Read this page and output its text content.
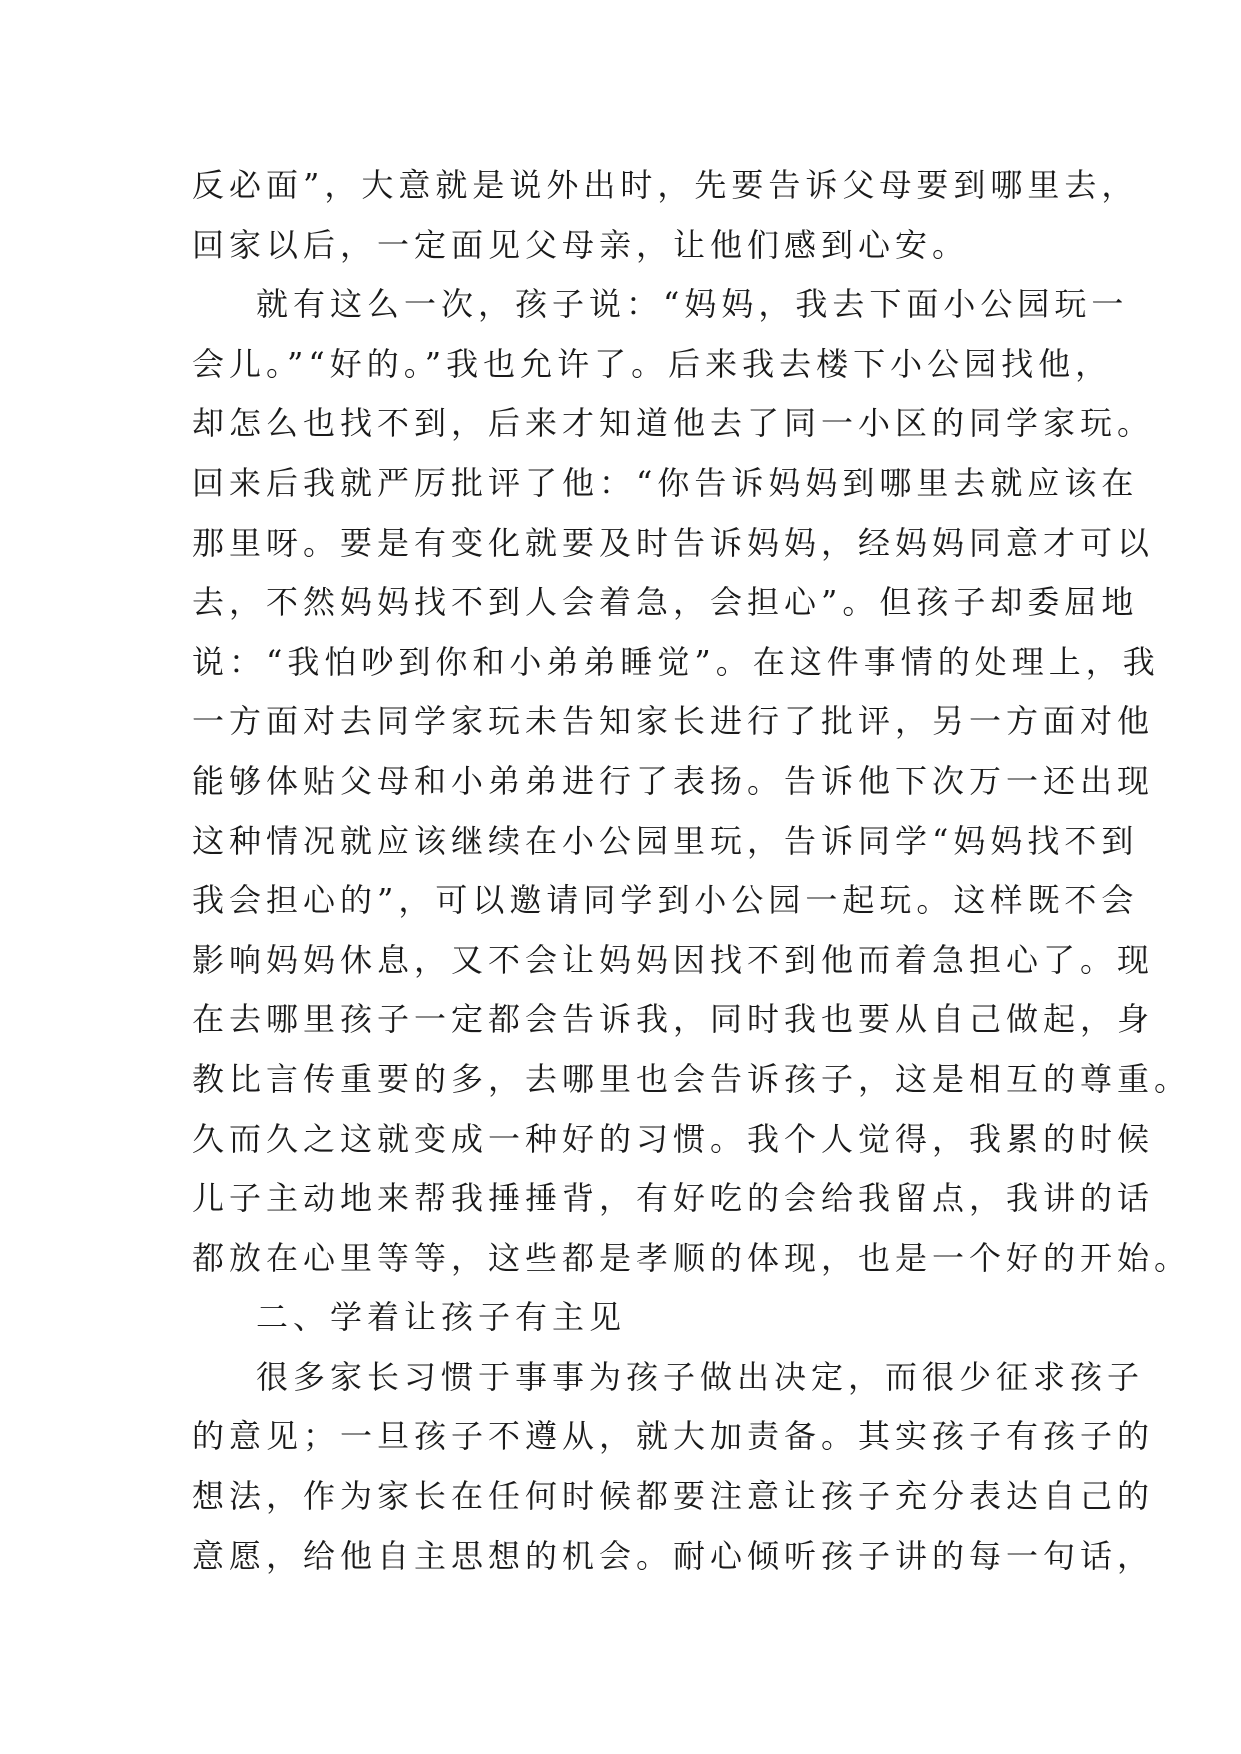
反必面”，大意就是说外出时，先要告诉父母要到哪里去，
回家以后，一定面见父母亲，让他们感到心安。
就有这么一次，孩子说：“妈妈，我去下面小公园玩一
会儿。”“好的。”我也允许了。后来我去楼下小公园找他，
却怎么也找不到，后来才知道他去了同一小区的同学家玩。
回来后我就严厉批评了他：“你告诉妈妈到哪里去就应该在
那里呀。要是有变化就要及时告诉妈妈，经妈妈同意才可以
去，不然妈妈找不到人会着急，会担心”。但孩子却委屈地
说：“我怕吵到你和小弟弟睡觉”。在这件事情的处理上，我
一方面对去同学家玩未告知家长进行了批评，另一方面对他
能够体贴父母和小弟弟进行了表扬。告诉他下次万一还出现
这种情况就应该继续在小公园里玩，告诉同学“妈妈找不到
我会担心的”，可以邀请同学到小公园一起玩。这样既不会
影响妈妈休息，又不会让妈妈因找不到他而着急担心了。现
在去哪里孩子一定都会告诉我，同时我也要从自己做起，身
教比言传重要的多，去哪里也会告诉孩子，这是相互的尊重。
久而久之这就变成一种好的习惯。我个人觉得，我累的时候
儿子主动地来帮我捶捶背，有好吃的会给我留点，我讲的话
都放在心里等等，这些都是孝顺的体现，也是一个好的开始。
二、学着让孩子有主见
很多家长习惯于事事为孩子做出决定，而很少征求孩子
的意见；一旦孩子不遵从，就大加责备。其实孩子有孩子的
想法，作为家长在任何时候都要注意让孩子充分表达自己的
意愿，给他自主思想的机会。耐心倾听孩子讲的每一句话，
